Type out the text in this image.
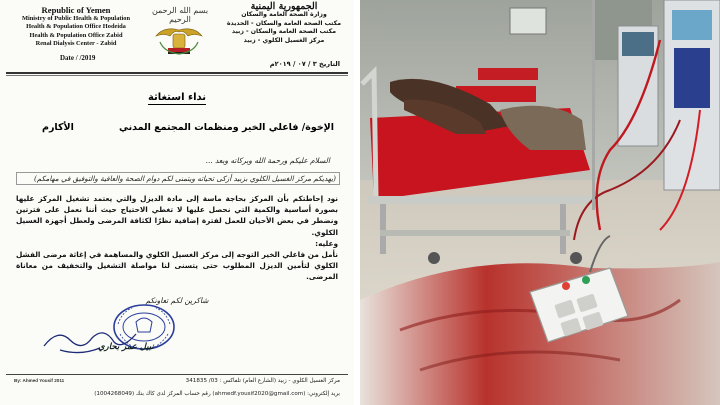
Republic of Yemen
Ministry of Public Health & Population
Health & Population Office Hodeida
Health & Population Office Zabid
Renal Dialysis Center - Zabid
بسم الله الرحمن الرحيم
الجمهورية اليمنية
وزارة الصحة العامة والسكان
مكتب الصحة العامة والسكان - الحديدة
مكتب الصحة العامة والسكان - زبيد
مركز الغسيل الكلوي - زبيد
Date / /2019
التاريخ ٣ / ٠٧ / ٢٠١٩م
نداء استغاثة
الإخوة/ فاعلي الخير ومنظمات المجتمع المدني
الأكارم
السلام عليكم ورحمة الله وبركاته وبعد ...
(يهديكم مركز الغسيل الكلوي بزبيد أزكى تحياته ويتمنى لكم دوام الصحة والعافية والتوفيق في مهامكم)
نود إحاطتكم بأن المركز بحاجة ماسة إلى مادة الديزل والتي يعتمد تشغيل المركز عليها بصورة أساسية والكمية التي نحصل عليها لا تغطي الاحتياج حيث أننا نعمل على فترتين ونضطر في بعض الأحيان للعمل لفترة إضافية نظرًا لكثافة المرضى ولعطل أجهزة الغسيل الكلوي.
وعليه:
نأمل من فاعلي الخير التوجه إلى مركز الغسيل الكلوي والمساهمة في إغاثة مرضى الفشل الكلوي لتأمين الديزل المطلوب حتى يتسنى لنا مواصلة التشغيل والتخفيف من معاناة المرضى.
شاكرين لكم تعاونكم
نبيل عمر بحاري
By: Ahmed Yousif 2011	مركز الغسيل الكلوي - زبيد (الشارع العام) تلفاكس : 03/ 341835
بريد إلكتروني: (ahmedf.yousif2020@gmail.com) رقم حساب المركز لدى كاك بنك (1004268049)
